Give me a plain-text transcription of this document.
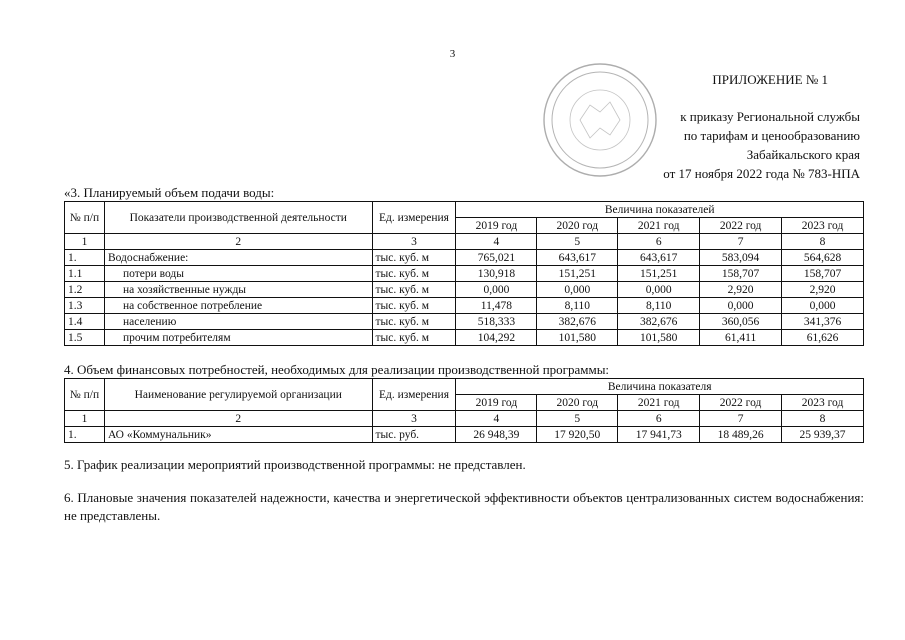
3
ПРИЛОЖЕНИЕ № 1
к приказу Региональной службы
по тарифам и ценообразованию
Забайкальского края
от 17 ноября 2022 года № 783-НПА
«3. Планируемый объем подачи воды:
№ п/п	Показатели производственной деятельности	Ед. измерения	Величина показателей				
			2019 год	2020 год	2021 год	2022 год	2023 год
1	2	3	4	5	6	7	8
1.	Водоснабжение:	тыс. куб. м	765,021	643,617	643,617	583,094	564,628
1.1	потери воды	тыс. куб. м	130,918	151,251	151,251	158,707	158,707
1.2	на хозяйственные нужды	тыс. куб. м	0,000	0,000	0,000	2,920	2,920
1.3	на собственное потребление	тыс. куб. м	11,478	8,110	8,110	0,000	0,000
1.4	населению	тыс. куб. м	518,333	382,676	382,676	360,056	341,376
1.5	прочим потребителям	тыс. куб. м	104,292	101,580	101,580	61,411	61,626
4. Объем финансовых потребностей, необходимых для реализации производственной программы:
№ п/п	Наименование регулируемой организации	Ед. измерения	Величина показателя				
			2019 год	2020 год	2021 год	2022 год	2023 год
1	2	3	4	5	6	7	8
1.	АО «Коммунальник»	тыс. руб.	26 948,39	17 920,50	17 941,73	18 489,26	25 939,37
5. График реализации мероприятий производственной программы: не представлен.
6. Плановые значения показателей надежности, качества и энергетической эффективности объектов централизованных систем водоснабжения: не представлены.
